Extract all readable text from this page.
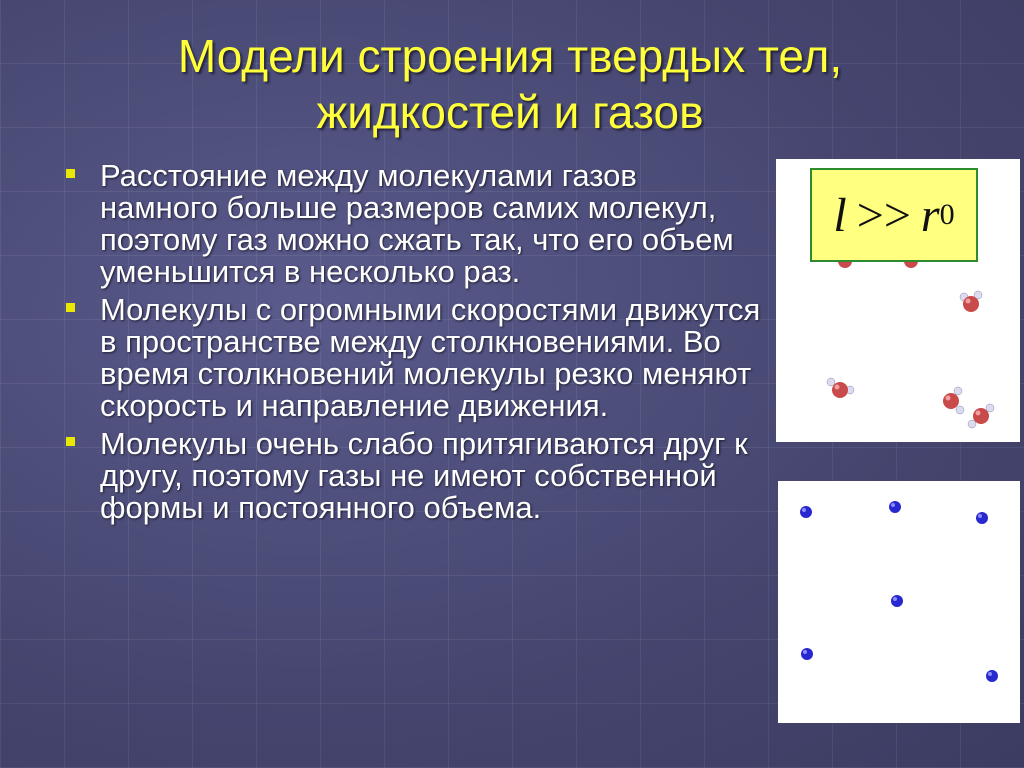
Модели строения твердых тел,
жидкостей и газов
Расстояние между молекулами газов намного больше размеров самих молекул, поэтому газ можно сжать так, что его объем уменьшится в несколько раз.
Молекулы с огромными скоростями движутся в пространстве между столкновениями. Во время столкновений молекулы резко меняют скорость и направление движения.
Молекулы очень слабо притягиваются друг к другу, поэтому газы не имеют собственной формы и постоянного объема.
l >> r 0
